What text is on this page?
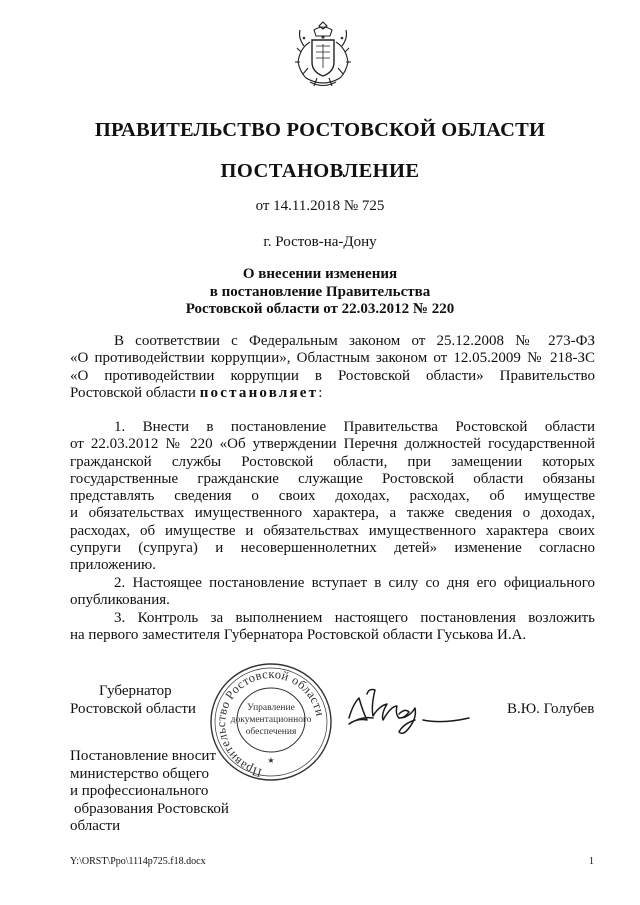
ПРАВИТЕЛЬСТВО РОСТОВСКОЙ ОБЛАСТИ
ПОСТАНОВЛЕНИЕ
от 14.11.2018 № 725
г. Ростов-на-Дону
О внесении изменения
в постановление Правительства
Ростовской области от 22.03.2012 № 220
В соответствии с Федеральным законом от 25.12.2008 № 273-ФЗ
«О противодействии коррупции», Областным законом от 12.05.2009 № 218-ЗС
«О противодействии коррупции в Ростовской области» Правительство
Ростовской области постановляет:
1. Внести в постановление Правительства Ростовской области
от 22.03.2012 № 220 «Об утверждении Перечня должностей государственной
гражданской службы Ростовской области, при замещении которых
государственные гражданские служащие Ростовской области обязаны
представлять сведения о своих доходах, расходах, об имуществе
и обязательствах имущественного характера, а также сведения о доходах,
расходах, об имуществе и обязательствах имущественного характера своих
супруги (супруга) и несовершеннолетних детей» изменение согласно
приложению.
2. Настоящее постановление вступает в силу со дня его официального
опубликования.
3. Контроль за выполнением настоящего постановления возложить
на первого заместителя Губернатора Ростовской области Гуськова И.А.
Губернатор
Ростовской области
Правительство Ростовской области
Управление
документационного
обеспечения
★
В.Ю. Голубев
Постановление вносит
министерство общего
и профессионального
образования Ростовской
области
Y:\ORST\Ppo\1114p725.f18.docx	1
